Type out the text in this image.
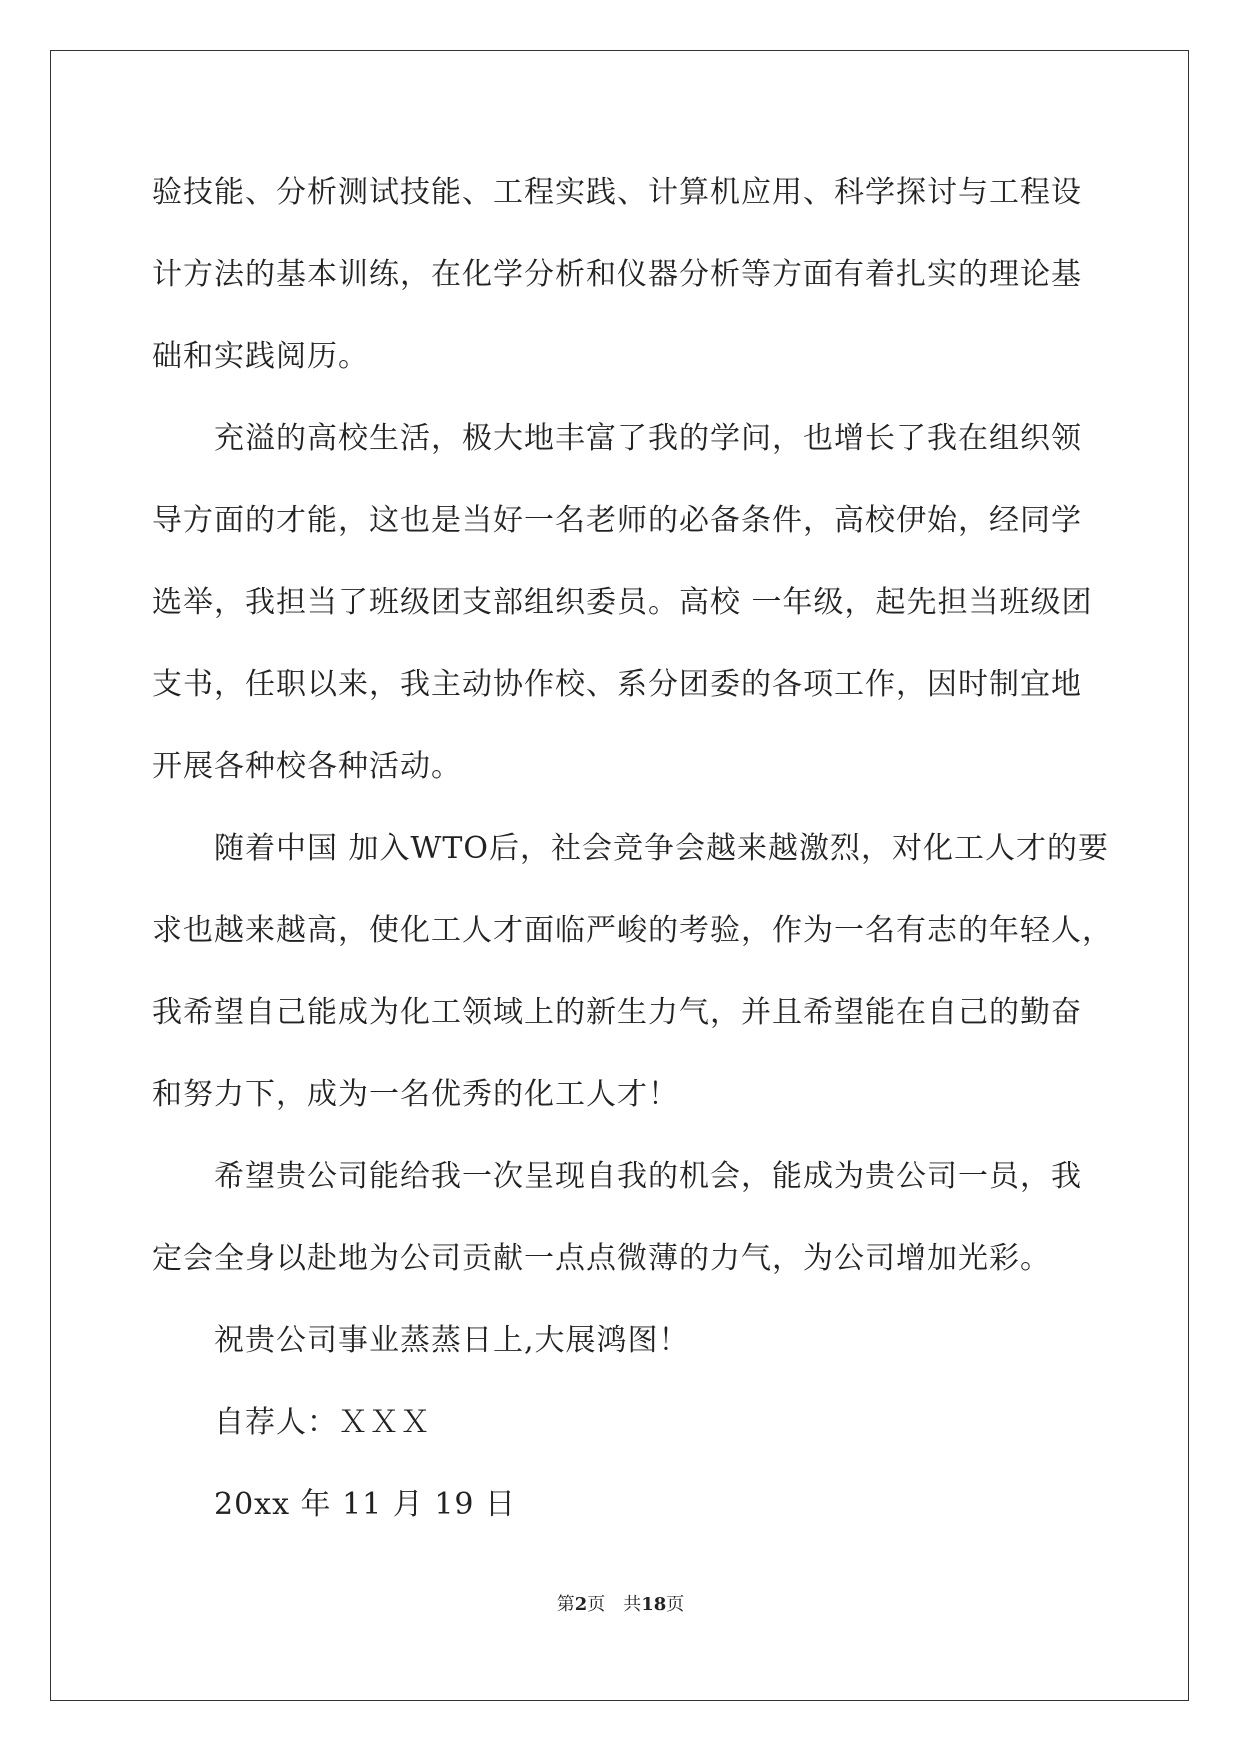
验技能、分析测试技能、工程实践、计算机应用、科学探讨与工程设
计方法的基本训练，在化学分析和仪器分析等方面有着扎实的理论基
础和实践阅历。
充溢的高校生活，极大地丰富了我的学问，也增长了我在组织领
导方面的才能，这也是当好一名老师的必备条件，高校伊始，经同学
选举，我担当了班级团支部组织委员。高校 一年级，起先担当班级团
支书，任职以来，我主动协作校、系分团委的各项工作，因时制宜地
开展各种校各种活动。
随着中国 加入WTO后，社会竞争会越来越激烈，对化工人才的要
求也越来越高，使化工人才面临严峻的考验，作为一名有志的年轻人，
我希望自己能成为化工领域上的新生力气，并且希望能在自己的勤奋
和努力下，成为一名优秀的化工人才！
希望贵公司能给我一次呈现自我的机会，能成为贵公司一员，我
定会全身以赴地为公司贡献一点点微薄的力气，为公司增加光彩。
祝贵公司事业蒸蒸日上,大展鸿图！
自荐人：ＸＸＸ
20xx 年 11 月 19 日
第2页 共18页
